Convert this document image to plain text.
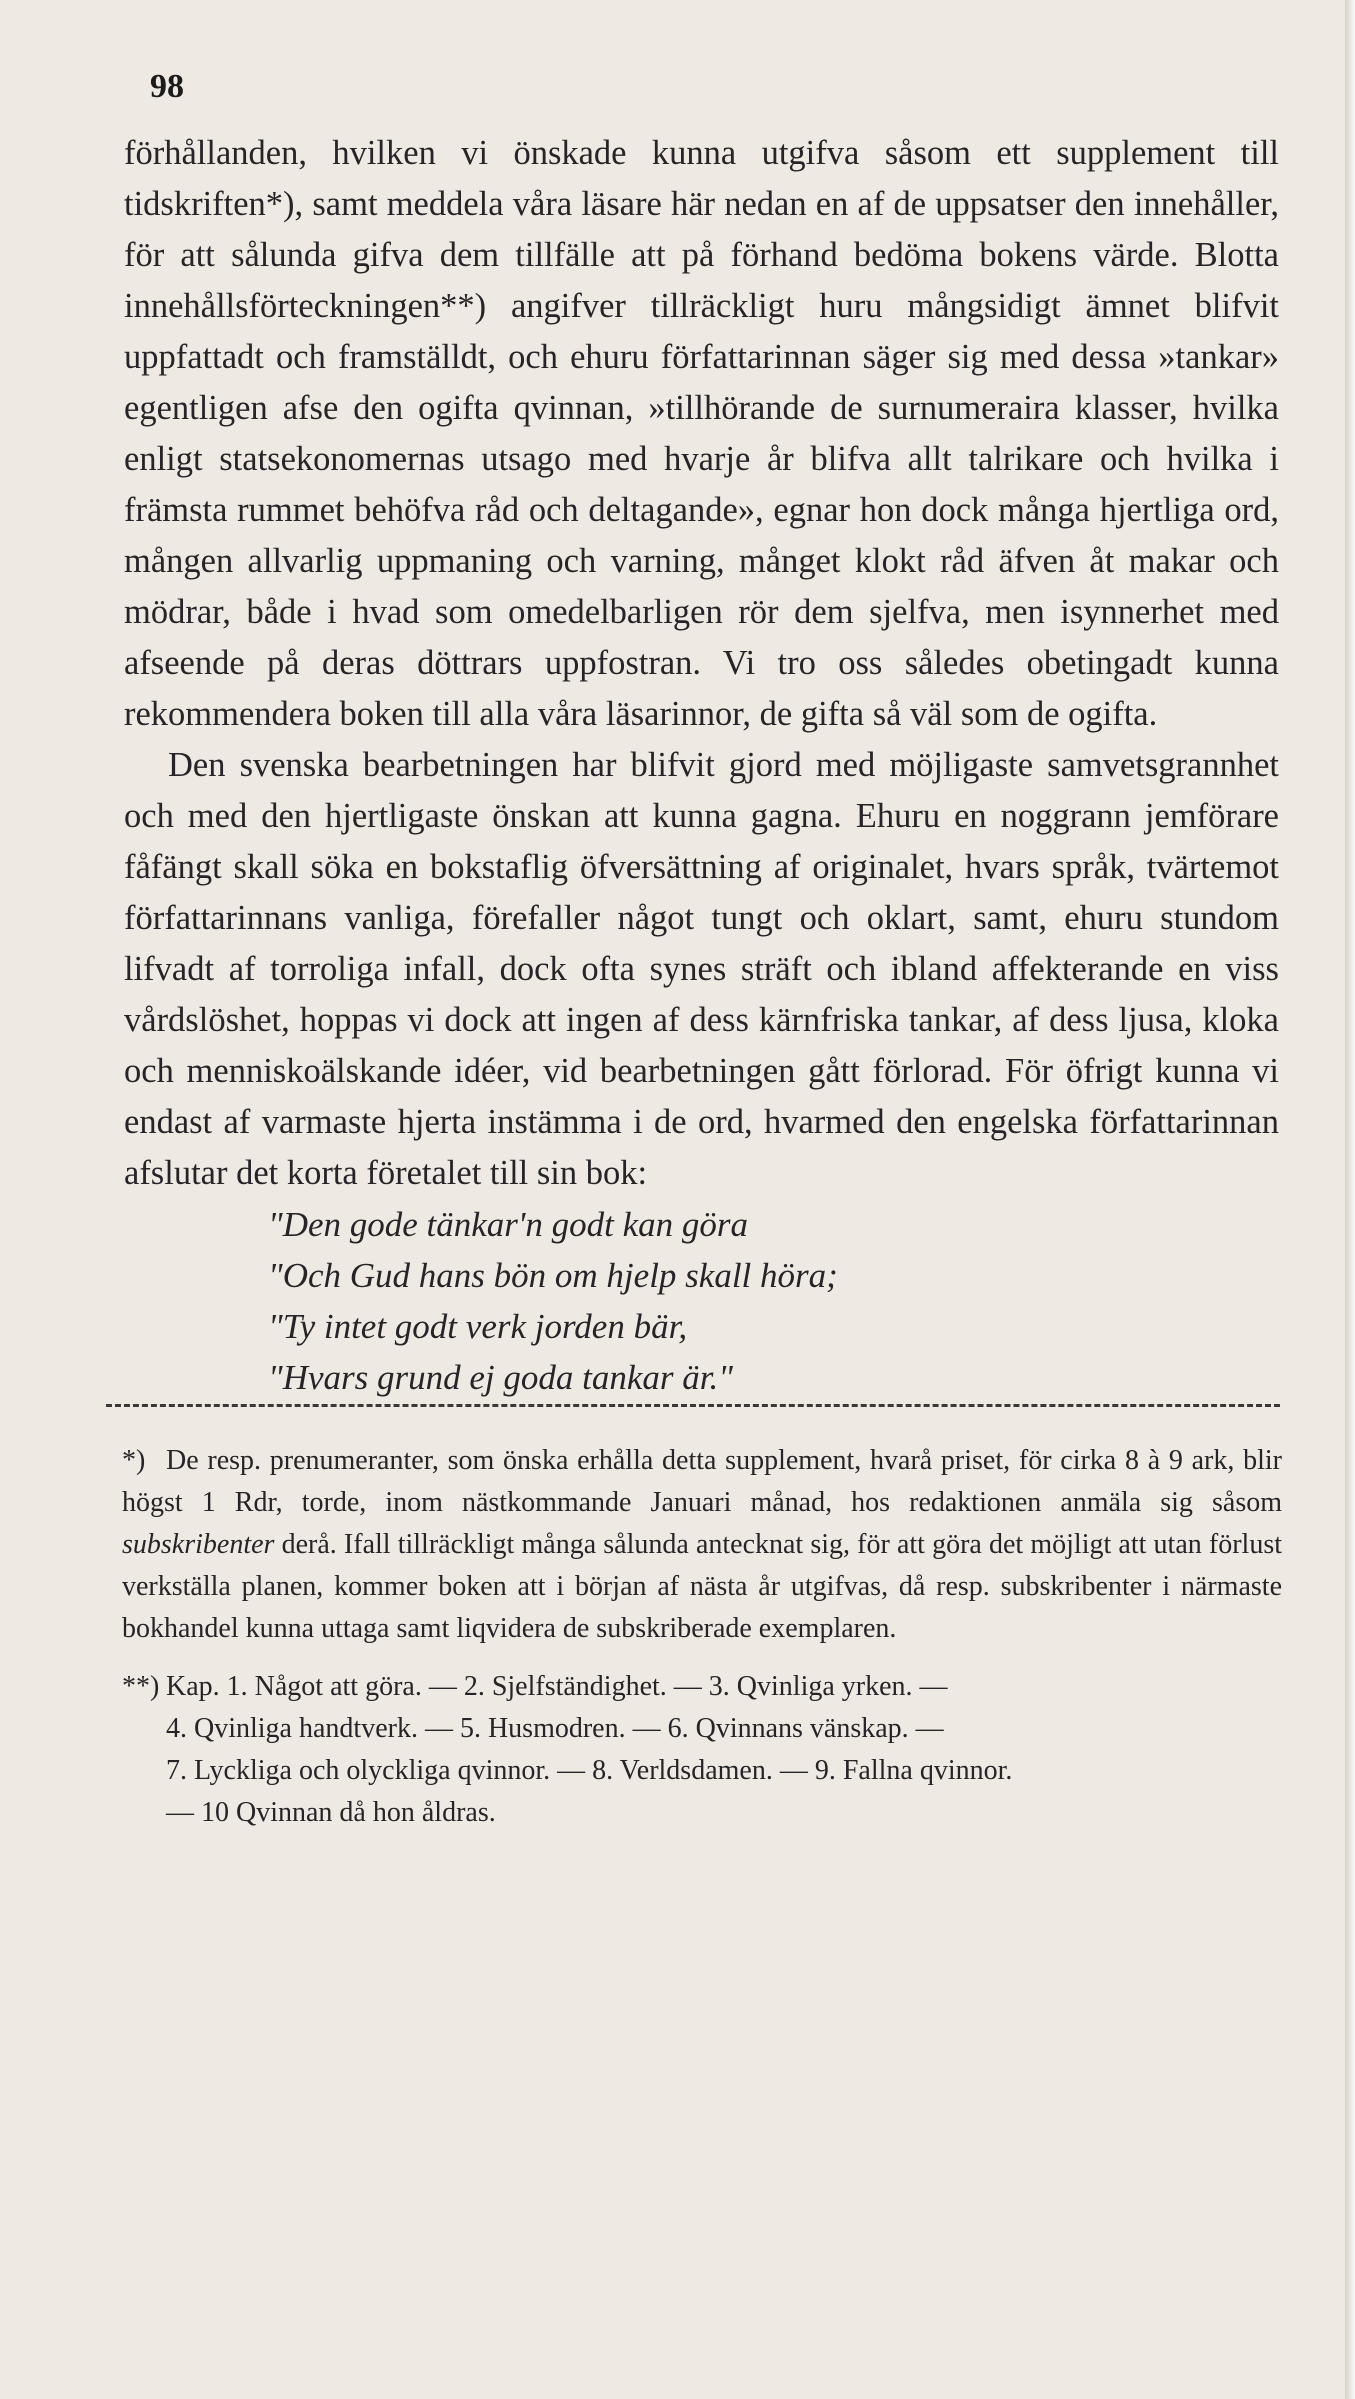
98

förhållanden, hvilken vi önskade kunna utgifva såsom ett supplement till tidskriften*), samt meddela våra läsare här nedan en af de uppsatser den innehåller, för att sålunda gifva dem tillfälle att på förhand bedöma bokens värde. Blotta innehållsförteckningen**) angifver tillräckligt huru mångsidigt ämnet blifvit uppfattadt och framställdt, och ehuru författarinnan säger sig med dessa »tankar» egentligen afse den ogifta qvinnan, »tillhörande de surnumeraira klasser, hvilka enligt statsekonomernas utsago med hvarje år blifva allt talrikare och hvilka i främsta rummet behöfva råd och deltagande», egnar hon dock många hjertliga ord, mången allvarlig uppmaning och varning, månget klokt råd äfven åt makar och mödrar, både i hvad som omedelbarligen rör dem sjelfva, men isynnerhet med afseende på deras döttrars uppfostran. Vi tro oss således obetingadt kunna rekommendera boken till alla våra läsarinnor, de gifta så väl som de ogifta.

Den svenska bearbetningen har blifvit gjord med möjligaste samvetsgrannhet och med den hjertligaste önskan att kunna gagna. Ehuru en noggrann jemförare fåfängt skall söka en bokstaflig öfversättning af originalet, hvars språk, tvärtemot författarinnans vanliga, förefaller något tungt och oklart, samt, ehuru stundom lifvadt af torroliga infall, dock ofta synes sträft och ibland affekterande en viss vårdslöshet, hoppas vi dock att ingen af dess kärnfriska tankar, af dess ljusa, kloka och menniskoälskande idéer, vid bearbetningen gått förlorad. För öfrigt kunna vi endast af varmaste hjerta instämma i de ord, hvarmed den engelska författarinnan afslutar det korta företalet till sin bok:

"Den gode tänkar'n godt kan göra
"Och Gud hans bön om hjelp skall höra;
"Ty intet godt verk jorden bär,
"Hvars grund ej goda tankar är."
*) De resp. prenumeranter, som önska erhålla detta supplement, hvarå priset, för cirka 8 à 9 ark, blir högst 1 Rdr, torde, inom nästkommande Januari månad, hos redaktionen anmäla sig såsom subskribenter derå. Ifall tillräckligt många sålunda antecknat sig, för att göra det möjligt att utan förlust verkställa planen, kommer boken att i början af nästa år utgifvas, då resp. subskribenter i närmaste bokhandel kunna uttaga samt liqvidera de subskriberade exemplaren.
**) Kap. 1. Något att göra. — 2. Sjelfständighet. — 3. Qvinliga yrken. —
4. Qvinliga handtverk. — 5. Husmodren. — 6. Qvinnans vänskap. —
7. Lyckliga och olyckliga qvinnor. — 8. Verldsdamen. — 9. Fallna qvinnor.
— 10 Qvinnan då hon åldras.
